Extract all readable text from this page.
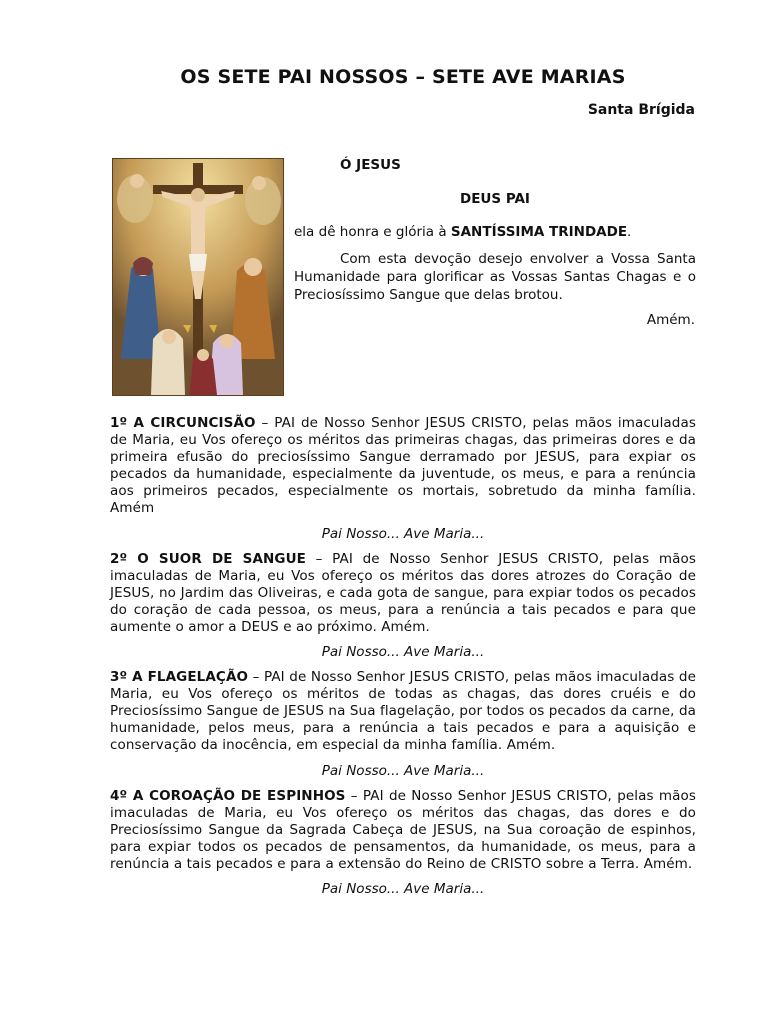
OS SETE PAI NOSSOS – SETE AVE MARIAS
Santa Brígida
Ó JESUS
DEUS PAI
ela dê honra e glória à SANTÍSSIMA TRINDADE.
Com esta devoção desejo envolver a Vossa Santa Humanidade para glorificar as Vossas Santas Chagas e o Preciosíssimo Sangue que delas brotou.
Amém.

1º A CIRCUNCISÃO – PAI de Nosso Senhor JESUS CRISTO, pelas mãos imaculadas de Maria, eu Vos ofereço os méritos das primeiras chagas, das primeiras dores e da primeira efusão do preciosíssimo Sangue derramado por JESUS, para expiar os pecados da humanidade, especialmente da juventude, os meus, e para a renúncia aos primeiros pecados, especialmente os mortais, sobretudo da minha família. Amém

Pai Nosso... Ave Maria...

2º O SUOR DE SANGUE – PAI de Nosso Senhor JESUS CRISTO, pelas mãos imaculadas de Maria, eu Vos ofereço os méritos das dores atrozes do Coração de JESUS, no Jardim das Oliveiras, e cada gota de sangue, para expiar todos os pecados do coração de cada pessoa, os meus, para a renúncia a tais pecados e para que aumente o amor a DEUS e ao próximo. Amém.

Pai Nosso... Ave Maria...

3º A FLAGELAÇÃO – PAI de Nosso Senhor JESUS CRISTO, pelas mãos imaculadas de Maria, eu Vos ofereço os méritos de todas as chagas, das dores cruéis e do Preciosíssimo Sangue de JESUS na Sua flagelação, por todos os pecados da carne, da humanidade, pelos meus, para a renúncia a tais pecados e para a aquisição e conservação da inocência, em especial da minha família. Amém.

Pai Nosso... Ave Maria...

4º A COROAÇÃO DE ESPINHOS – PAI de Nosso Senhor JESUS CRISTO, pelas mãos imaculadas de Maria, eu Vos ofereço os méritos das chagas, das dores e do Preciosíssimo Sangue da Sagrada Cabeça de JESUS, na Sua coroação de espinhos, para expiar todos os pecados de pensamentos, da humanidade, os meus, para a renúncia a tais pecados e para a extensão do Reino de CRISTO sobre a Terra. Amém.

Pai Nosso... Ave Maria...
